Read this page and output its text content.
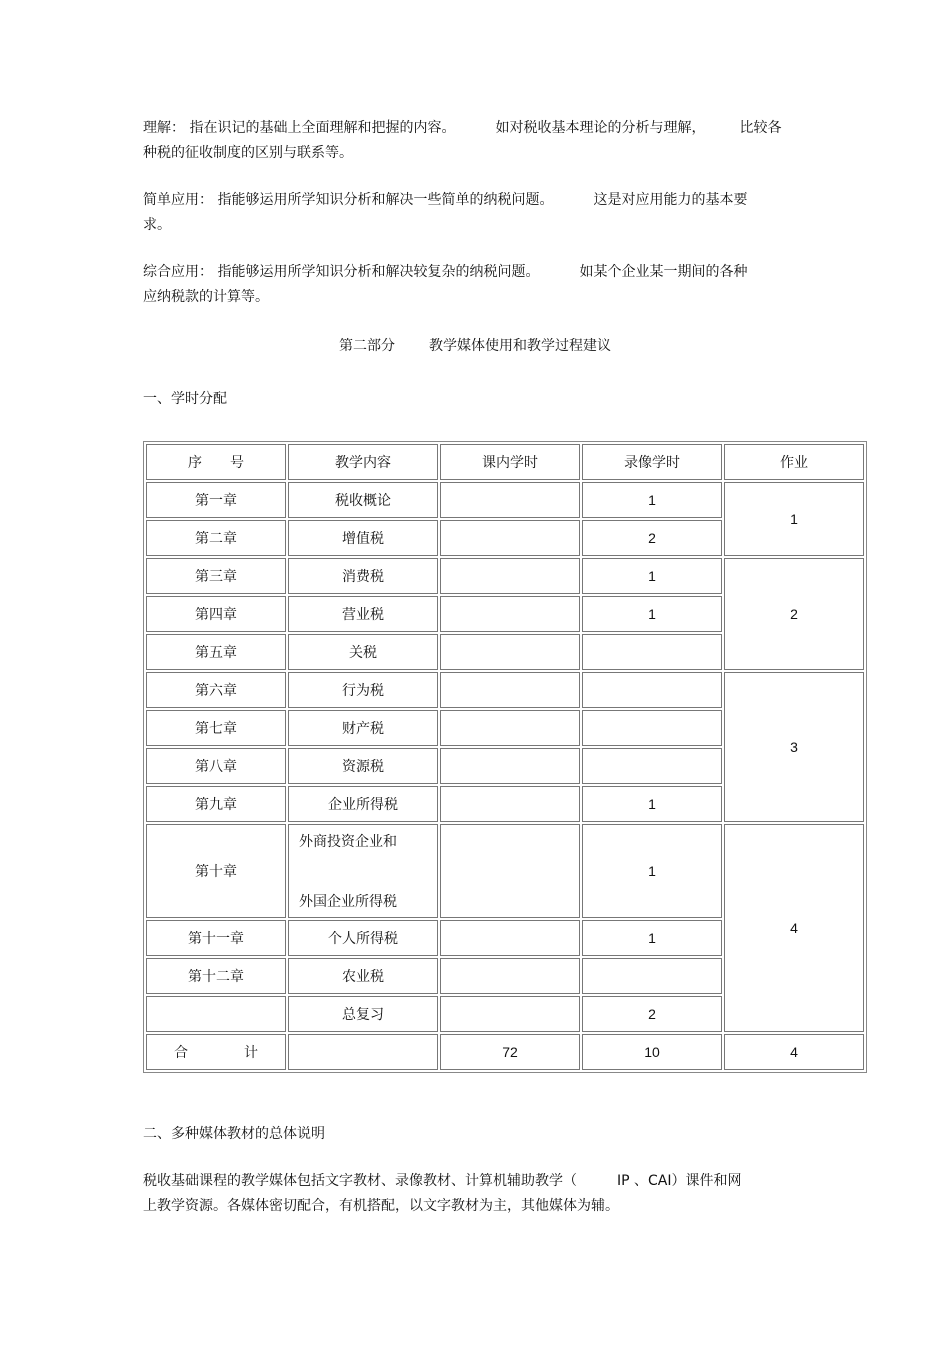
理解： 指在识记的基础上全面理解和把握的内容。	如对税收基本理论的分析与理解， 比较各
种税的征收制度的区别与联系等。
简单应用： 指能够运用所学知识分析和解决一些简单的纳税问题。	这是对应用能力的基本要
求。
综合应用： 指能够运用所学知识分析和解决较复杂的纳税问题。	如某个企业某一期间的各种
应纳税款的计算等。
第二部分 教学媒体使用和教学过程建议
一、学时分配
序　　号	教学内容	课内学时	录像学时	作业
第一章	税收概论		1	1
第二章	增值税		2	
第三章	消费税		1	2
第四章	营业税		1	
第五章	关税			
第六章	行为税			3
第七章	财产税			
第八章	资源税			
第九章	企业所得税		1	
第十章	外商投资企业和
外国企业所得税		1	4
第十一章	个人所得税		1	
第十二章	农业税			
	总复习		2	
合 计		72	10	4
二、多种媒体教材的总体说明
税收基础课程的教学媒体包括文字教材、录像教材、计算机辅助教学（	IP 、CAI）课件和网
上教学资源。各媒体密切配合，有机搭配，以文字教材为主，其他媒体为辅。
